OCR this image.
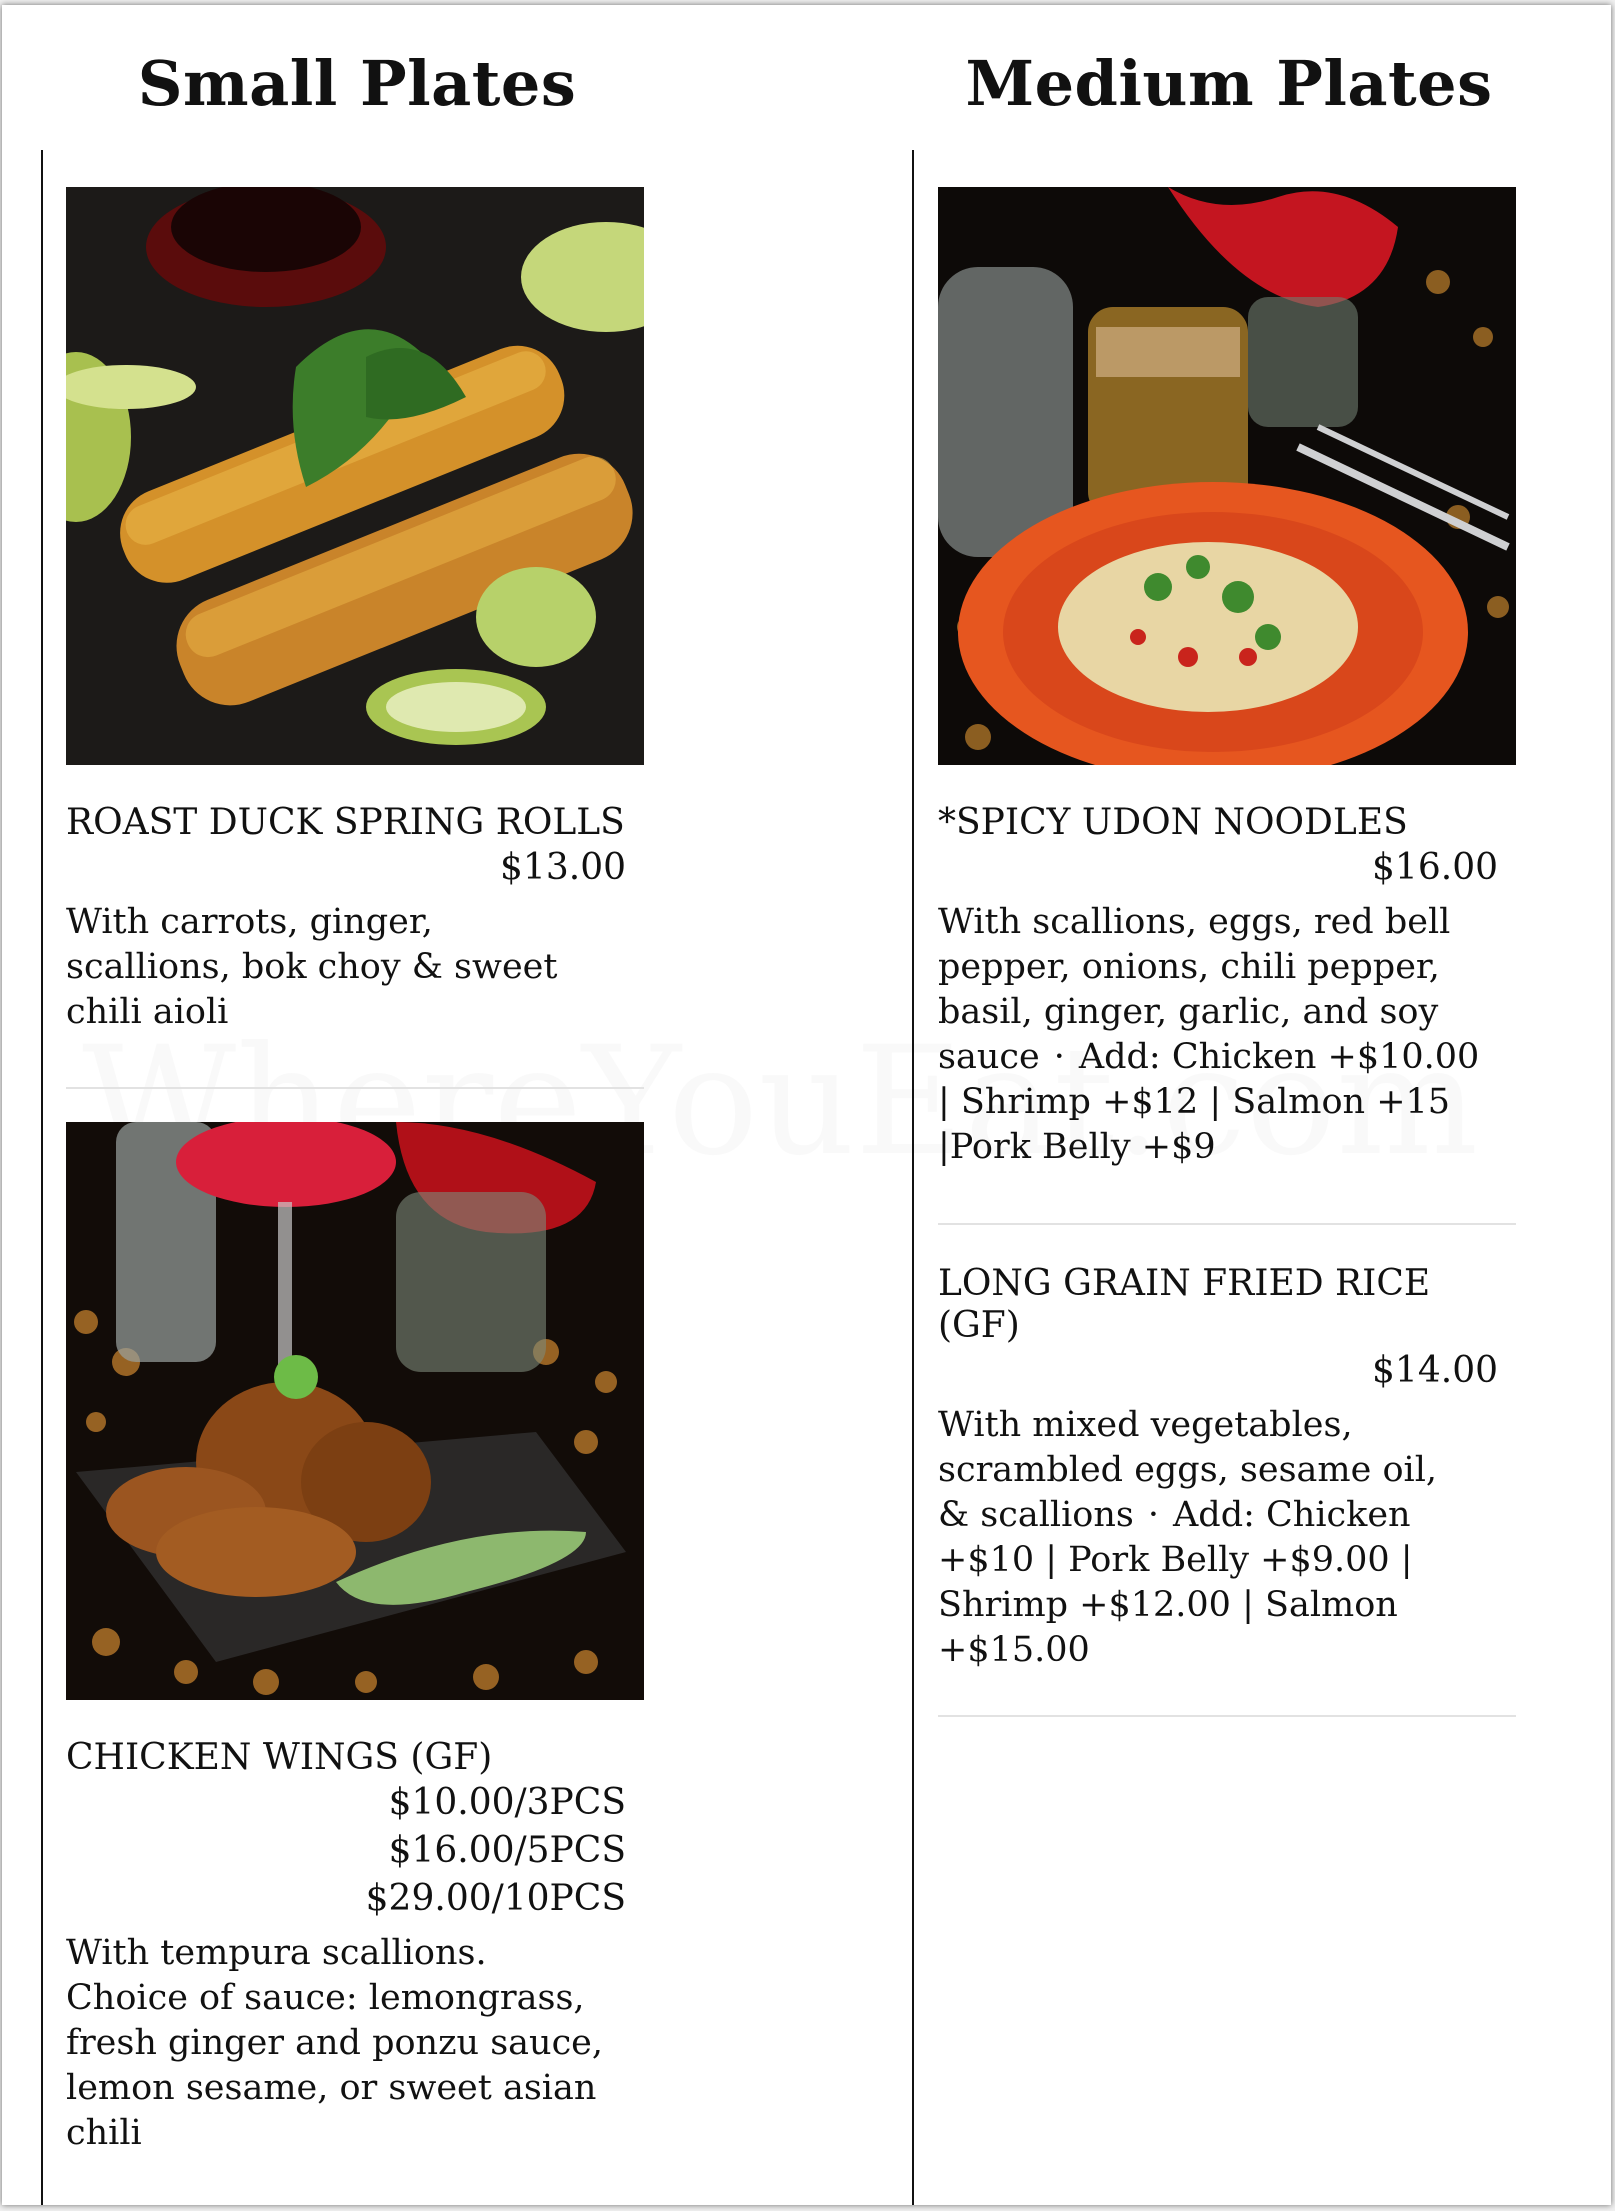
Small Plates	Medium Plates
ROAST DUCK SPRING ROLLS
$13.00
With carrots, ginger, scallions, bok choy & sweet chili aioli
CHICKEN WINGS (GF)
$10.00/3PCS
$16.00/5PCS
$29.00/10PCS
With tempura scallions. Choice of sauce: lemongrass, fresh ginger and ponzu sauce, lemon sesame, or sweet asian chili
*SPICY UDON NOODLES
$16.00
With scallions, eggs, red bell pepper, onions, chili pepper, basil, ginger, garlic, and soy sauce · Add: Chicken +$10.00 | Shrimp +$12 | Salmon +15 |Pork Belly +$9
LONG GRAIN FRIED RICE (GF)
$14.00
With mixed vegetables, scrambled eggs, sesame oil, & scallions · Add: Chicken +$10 | Pork Belly +$9.00 | Shrimp +$12.00 | Salmon +$15.00
